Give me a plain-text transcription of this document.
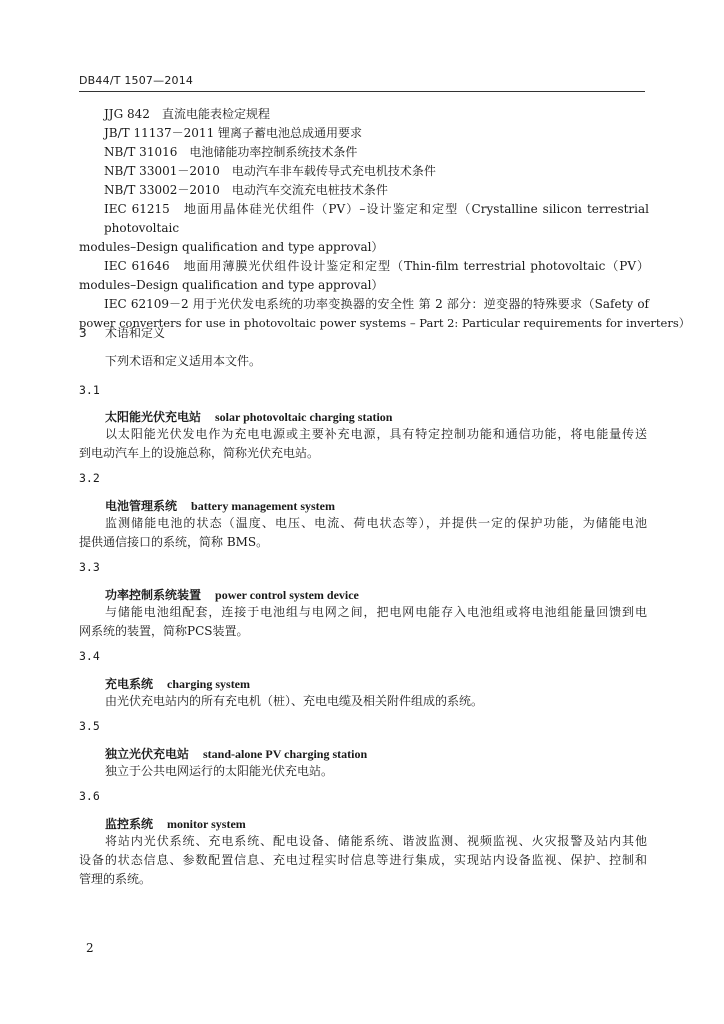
DB44/T 1507—2014
JJG 842　 直流电能表检定规程
JB/T 11137－2011 锂离子蓄电池总成通用要求
NB/T 31016　 电池储能功率控制系统技术条件
NB/T 33001－2010　 电动汽车非车载传导式充电机技术条件
NB/T 33002－2010　 电动汽车交流充电桩技术条件
IEC 61215　地面用晶体硅光伏组件（PV）–设计鉴定和定型（Crystalline silicon terrestrial photovoltaic
modules–Design qualification and type approval）
IEC 61646　地面用薄膜光伏组件设计鉴定和定型（Thin-film terrestrial photovoltaic（PV）
modules–Design qualification and type approval）
IEC 62109－2 用于光伏发电系统的功率变换器的安全性 第 2 部分：逆变器的特殊要求（Safety of
power converters for use in photovoltaic power systems – Part 2: Particular requirements for inverters）
3 术语和定义
下列术语和定义适用本文件。
3.1
太阳能光伏充电站 solar photovoltaic charging station
以太阳能光伏发电作为充电电源或主要补充电源，具有特定控制功能和通信功能，将电能量传送
到电动汽车上的设施总称，简称光伏充电站。
3.2
电池管理系统 battery management system
监测储能电池的状态（温度、电压、电流、荷电状态等），并提供一定的保护功能，为储能电池
提供通信接口的系统，简称 BMS。
3.3
功率控制系统装置 power control system device
与储能电池组配套，连接于电池组与电网之间，把电网电能存入电池组或将电池组能量回馈到电
网系统的装置，简称PCS装置。
3.4
充电系统 charging system
由光伏充电站内的所有充电机（桩）、充电电缆及相关附件组成的系统。
3.5
独立光伏充电站 stand-alone PV charging station
独立于公共电网运行的太阳能光伏充电站。
3.6
监控系统 monitor system
将站内光伏系统、充电系统、配电设备、储能系统、谐波监测、视频监视、火灾报警及站内其他
设备的状态信息、参数配置信息、充电过程实时信息等进行集成，实现站内设备监视、保护、控制和
管理的系统。
2
